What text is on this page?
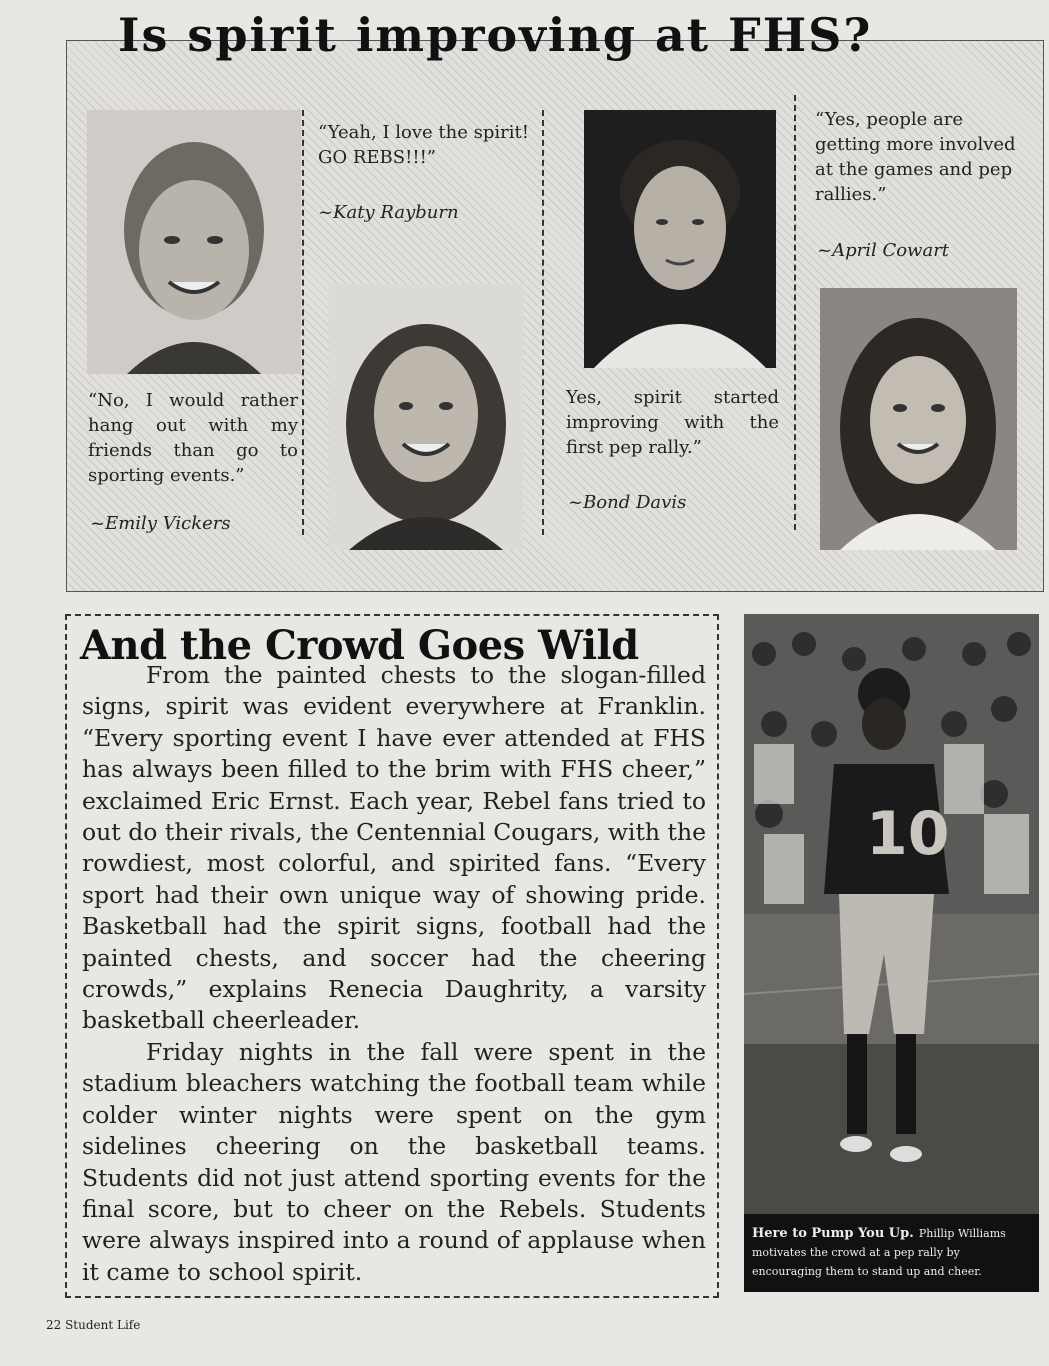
Is spirit improving at FHS?

“No, I would rather hang out with my friends than go to sporting events.”

~Emily Vickers

“Yeah, I love the spirit! GO REBS!!!”

~Katy Rayburn

Yes, spirit started improving with the first pep rally.”

~Bond Davis

“Yes, people are getting more involved at the games and pep rallies.”

~April Cowart

And the Crowd Goes Wild

From the painted chests to the slogan-filled signs, spirit was evident everywhere at Franklin. “Every sporting event I have ever attended at FHS has always been filled to the brim with FHS cheer,” exclaimed Eric Ernst. Each year, Rebel fans tried to out do their rivals, the Centennial Cougars, with the rowdiest, most colorful, and spirited fans. “Every sport had their own unique way of showing pride. Basketball had the spirit signs, football had the painted chests, and soccer had the cheering crowds,” explains Renecia Daughrity, a varsity basketball cheerleader.

Friday nights in the fall were spent in the stadium bleachers watching the football team while colder winter nights were spent on the gym sidelines cheering on the basketball teams. Students did not just attend sporting events for the final score, but to cheer on the Rebels. Students were always inspired into a round of applause when it came to school spirit.

10
Here to Pump You Up. Phillip Williams motivates the crowd at a pep rally by encouraging them to stand up and cheer.
22 Student Life
